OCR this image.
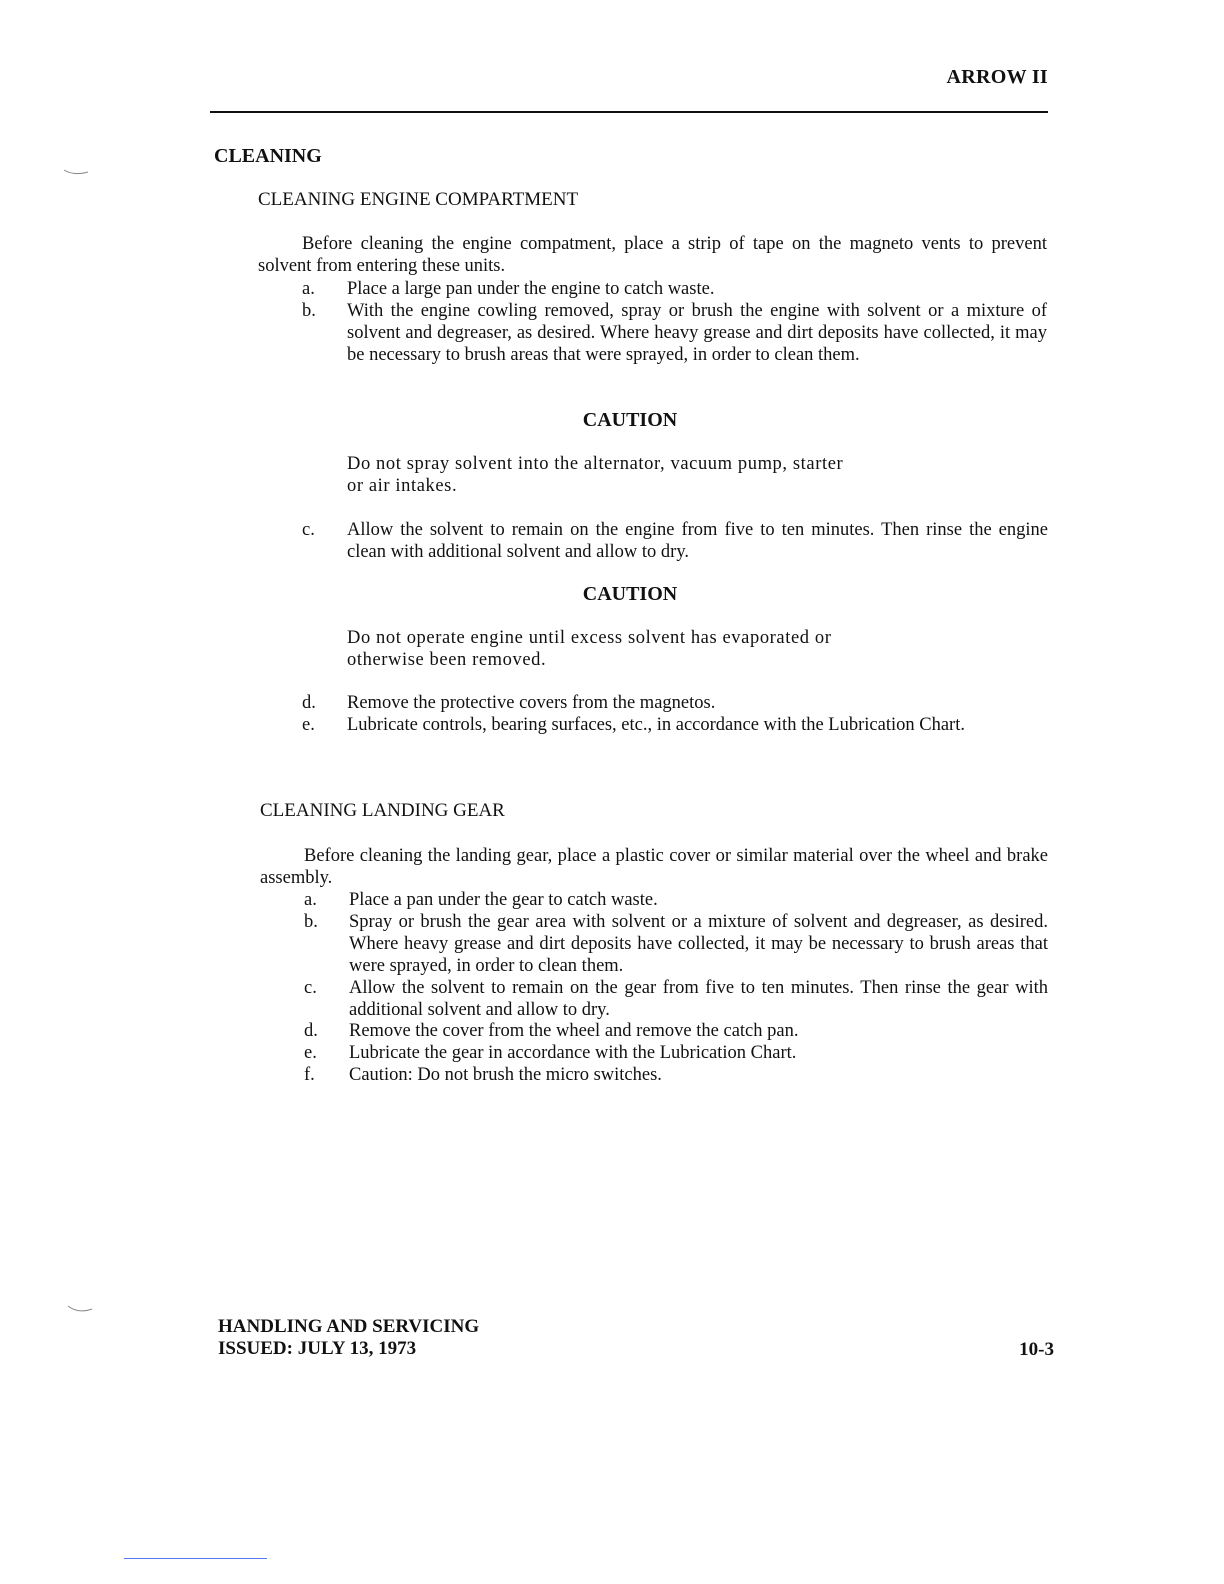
ARROW II
CLEANING
CLEANING ENGINE COMPARTMENT
Before cleaning the engine compatment, place a strip of tape on the magneto vents to prevent solvent from entering these units.
a. Place a large pan under the engine to catch waste.
b. With the engine cowling removed, spray or brush the engine with solvent or a mixture of solvent and degreaser, as desired. Where heavy grease and dirt deposits have collected, it may be necessary to brush areas that were sprayed, in order to clean them.
CAUTION
Do not spray solvent into the alternator, vacuum pump, starter
or air intakes.
c. Allow the solvent to remain on the engine from five to ten minutes. Then rinse the engine clean with additional solvent and allow to dry.
CAUTION
Do not operate engine until excess solvent has evaporated or
otherwise been removed.
d. Remove the protective covers from the magnetos.
e. Lubricate controls, bearing surfaces, etc., in accordance with the Lubrication Chart.
CLEANING LANDING GEAR
Before cleaning the landing gear, place a plastic cover or similar material over the wheel and brake assembly.
a. Place a pan under the gear to catch waste.
b. Spray or brush the gear area with solvent or a mixture of solvent and degreaser, as desired. Where heavy grease and dirt deposits have collected, it may be necessary to brush areas that were sprayed, in order to clean them.
c. Allow the solvent to remain on the gear from five to ten minutes. Then rinse the gear with additional solvent and allow to dry.
d. Remove the cover from the wheel and remove the catch pan.
e. Lubricate the gear in accordance with the Lubrication Chart.
f. Caution: Do not brush the micro switches.
HANDLING AND SERVICING
ISSUED: JULY 13, 1973	10-3
